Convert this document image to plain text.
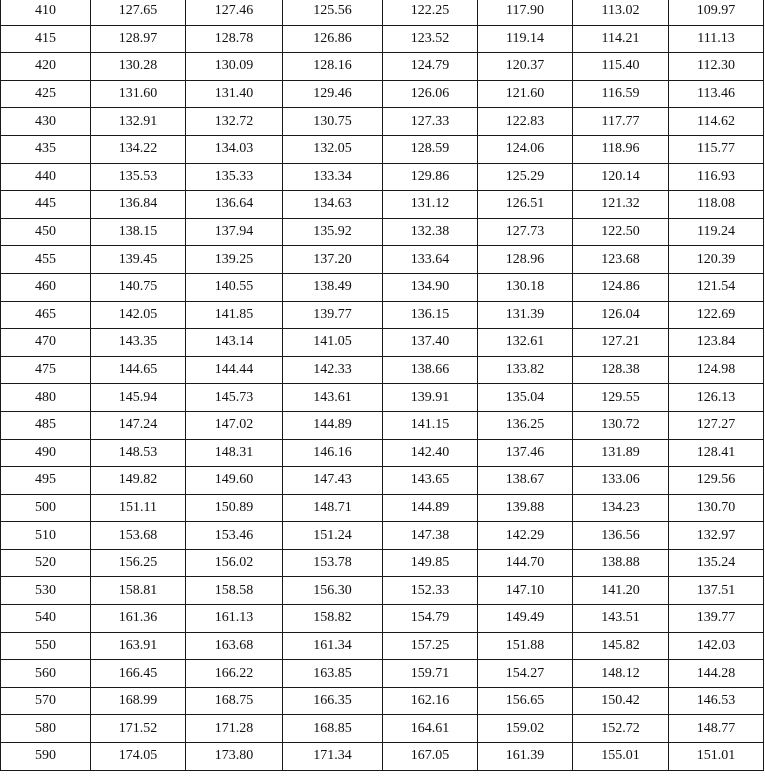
410	127.65	127.46	125.56	122.25	117.90	113.02	109.97
415	128.97	128.78	126.86	123.52	119.14	114.21	111.13
420	130.28	130.09	128.16	124.79	120.37	115.40	112.30
425	131.60	131.40	129.46	126.06	121.60	116.59	113.46
430	132.91	132.72	130.75	127.33	122.83	117.77	114.62
435	134.22	134.03	132.05	128.59	124.06	118.96	115.77
440	135.53	135.33	133.34	129.86	125.29	120.14	116.93
445	136.84	136.64	134.63	131.12	126.51	121.32	118.08
450	138.15	137.94	135.92	132.38	127.73	122.50	119.24
455	139.45	139.25	137.20	133.64	128.96	123.68	120.39
460	140.75	140.55	138.49	134.90	130.18	124.86	121.54
465	142.05	141.85	139.77	136.15	131.39	126.04	122.69
470	143.35	143.14	141.05	137.40	132.61	127.21	123.84
475	144.65	144.44	142.33	138.66	133.82	128.38	124.98
480	145.94	145.73	143.61	139.91	135.04	129.55	126.13
485	147.24	147.02	144.89	141.15	136.25	130.72	127.27
490	148.53	148.31	146.16	142.40	137.46	131.89	128.41
495	149.82	149.60	147.43	143.65	138.67	133.06	129.56
500	151.11	150.89	148.71	144.89	139.88	134.23	130.70
510	153.68	153.46	151.24	147.38	142.29	136.56	132.97
520	156.25	156.02	153.78	149.85	144.70	138.88	135.24
530	158.81	158.58	156.30	152.33	147.10	141.20	137.51
540	161.36	161.13	158.82	154.79	149.49	143.51	139.77
550	163.91	163.68	161.34	157.25	151.88	145.82	142.03
560	166.45	166.22	163.85	159.71	154.27	148.12	144.28
570	168.99	168.75	166.35	162.16	156.65	150.42	146.53
580	171.52	171.28	168.85	164.61	159.02	152.72	148.77
590	174.05	173.80	171.34	167.05	161.39	155.01	151.01
